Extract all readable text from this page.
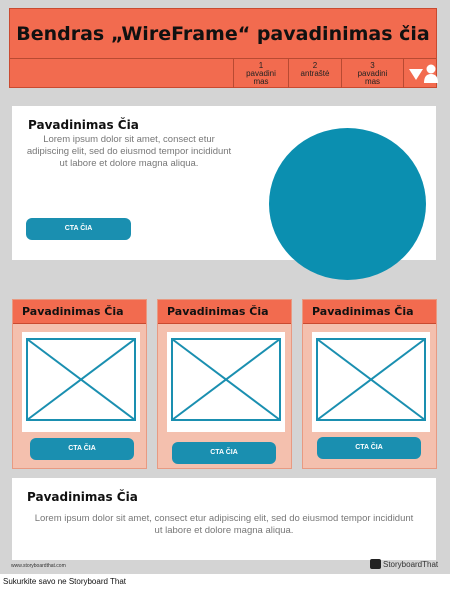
Bendras „WireFrame“ pavadinimas čia
1
pavadini
mas
2
antraštė
3
pavadini
mas
Pavadinimas Čia
Lorem ipsum dolor sit amet, consect etur adipiscing elit, sed do eiusmod tempor incididunt ut labore et dolore magna aliqua.
CTA ČIA
Pavadinimas Čia
CTA ČIA
Pavadinimas Čia
CTA ČIA
Pavadinimas Čia
CTA ČIA
Pavadinimas Čia
Lorem ipsum dolor sit amet, consect etur adipiscing elit, sed do eiusmod tempor incididunt ut labore et dolore magna aliqua.
www.storyboardthat.com	StoryboardThat
Sukurkite savo ne Storyboard That
